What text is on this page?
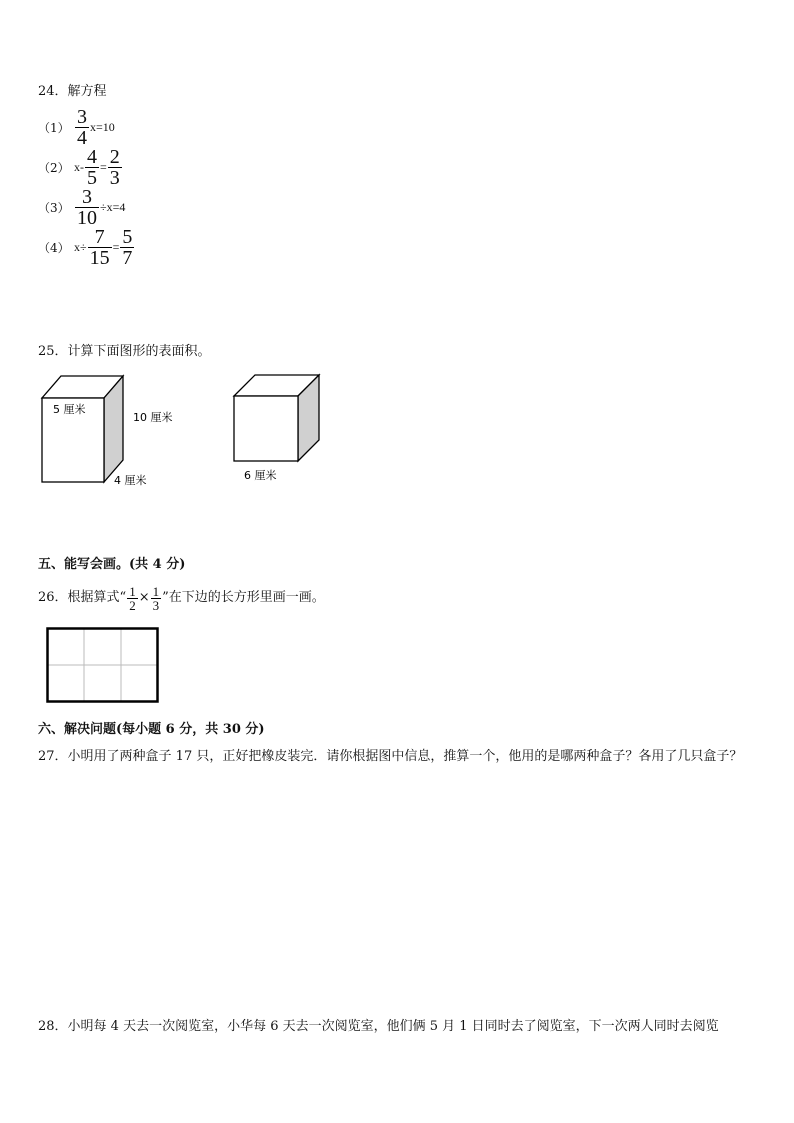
24．解方程
$(1) \frac{3}{4} x=10$
（2） $x- \frac{4}{5} = \frac{2}{3}$
$(3) \frac{3}{10} \div x=4$
（4） $x\div \frac{7}{15} = \frac{5}{7}$
25．计算下面图形的表面积。
5 厘米
10 厘米
4 厘米	6 厘米
五、能写会画。(共 4 分)
26．根据算式“ $\frac{1}{2} \times \frac{1}{3}$ ”在下边的长方形里画一画。
六、解决问题(每小题 6 分，共 30 分)
27．小明用了两种盒子 17 只，正好把橡皮装完．请你根据图中信息，推算一个，他用的是哪两种盒子？各用了几只盒子？
28．小明每 4 天去一次阅览室，小华每 6 天去一次阅览室，他们俩 5 月 1 日同时去了阅览室，下一次两人同时去阅览
